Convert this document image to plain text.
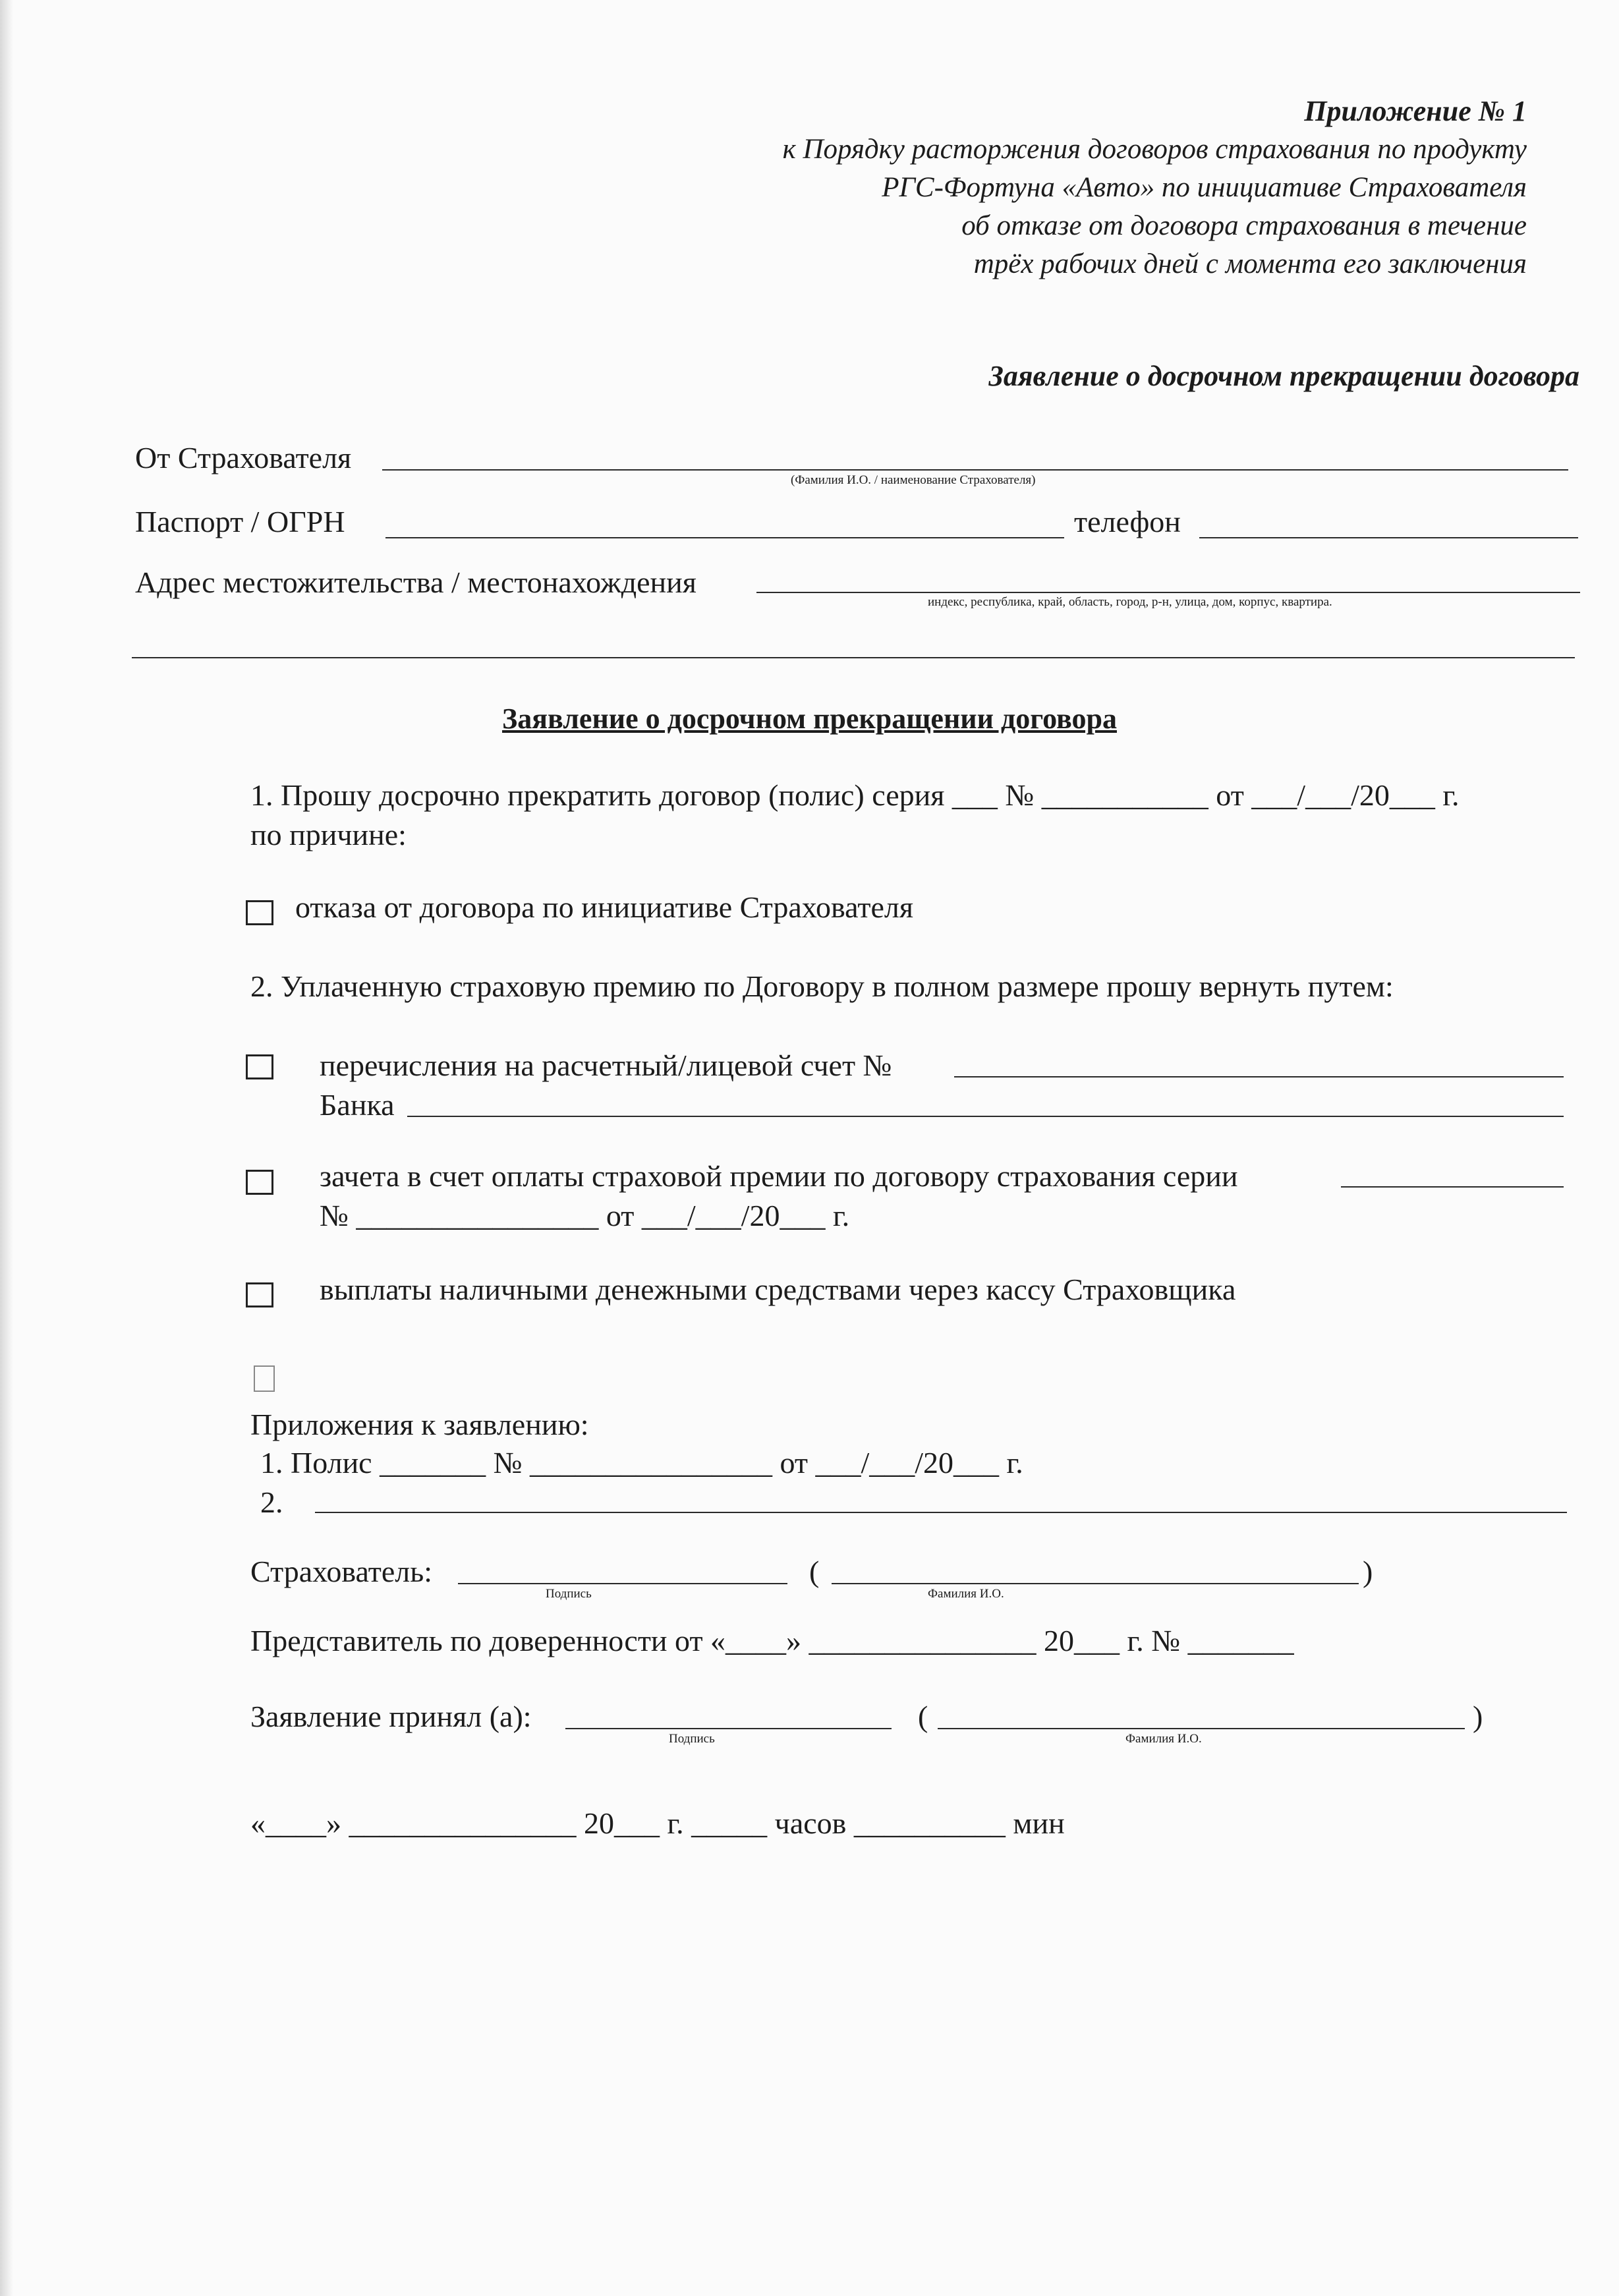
Приложение № 1
к Порядку расторжения договоров страхования по продукту
РГС-Фортуна «Авто» по инициативе Страхователя
об отказе от договора страхования в течение
трёх рабочих дней с момента его заключения
Заявление о досрочном прекращении договора
От Страхователя
(Фамилия И.О. / наименование Страхователя)
Паспорт / ОГРН	телефон
Адрес местожительства / местонахождения
индекс, республика, край, область, город, р-н, улица, дом, корпус, квартира.
Заявление о досрочном прекращении договора
1. Прошу досрочно прекратить договор (полис) серия ___ № ___________ от ___/___/20___ г.
по причине:
отказа от договора по инициативе Страхователя
2. Уплаченную страховую премию по Договору в полном размере прошу вернуть путем:
перечисления на расчетный/лицевой счет №
Банка
зачета в счет оплаты страховой премии по договору страхования серии
№ ________________ от ___/___/20___ г.
выплаты наличными денежными средствами через кассу Страховщика
Приложения к заявлению:
1. Полис _______ № ________________ от ___/___/20___ г.
2.
Страхователь:
Подпись
(
Фамилия И.О.
)
Представитель по доверенности от «____» _______________ 20___ г. № _______
Заявление принял (а):
Подпись
(
Фамилия И.О.
)
«____» _______________ 20___ г. _____ часов __________ мин
